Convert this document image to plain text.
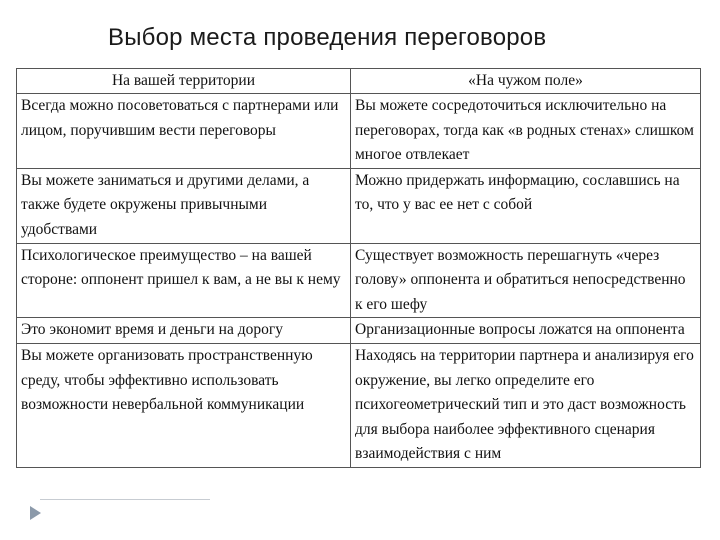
Выбор места проведения переговоров
На вашей территории	«На чужом поле»
Всегда можно посоветоваться с партнерами или лицом, поручившим вести переговоры	Вы можете сосредоточиться исключительно на переговорах, тогда как «в родных стенах» слишком многое отвлекает
Вы можете заниматься и другими делами, а также будете окружены привычными удобствами	Можно придержать информацию, сославшись на то, что у вас ее нет с собой
Психологическое преимущество – на вашей стороне: оппонент пришел к вам, а не вы к нему	Существует возможность перешагнуть «через голову» оппонента и обратиться непосредственно к его шефу
Это экономит время и деньги на дорогу	Организационные вопросы ложатся на оппонента
Вы можете организовать пространственную среду, чтобы эффективно использовать возможности невербальной коммуникации	Находясь на территории партнера и анализируя его окружение, вы легко определите его психогеометрический тип и это даст возможность для выбора наиболее эффективного сценария взаимодействия с ним
